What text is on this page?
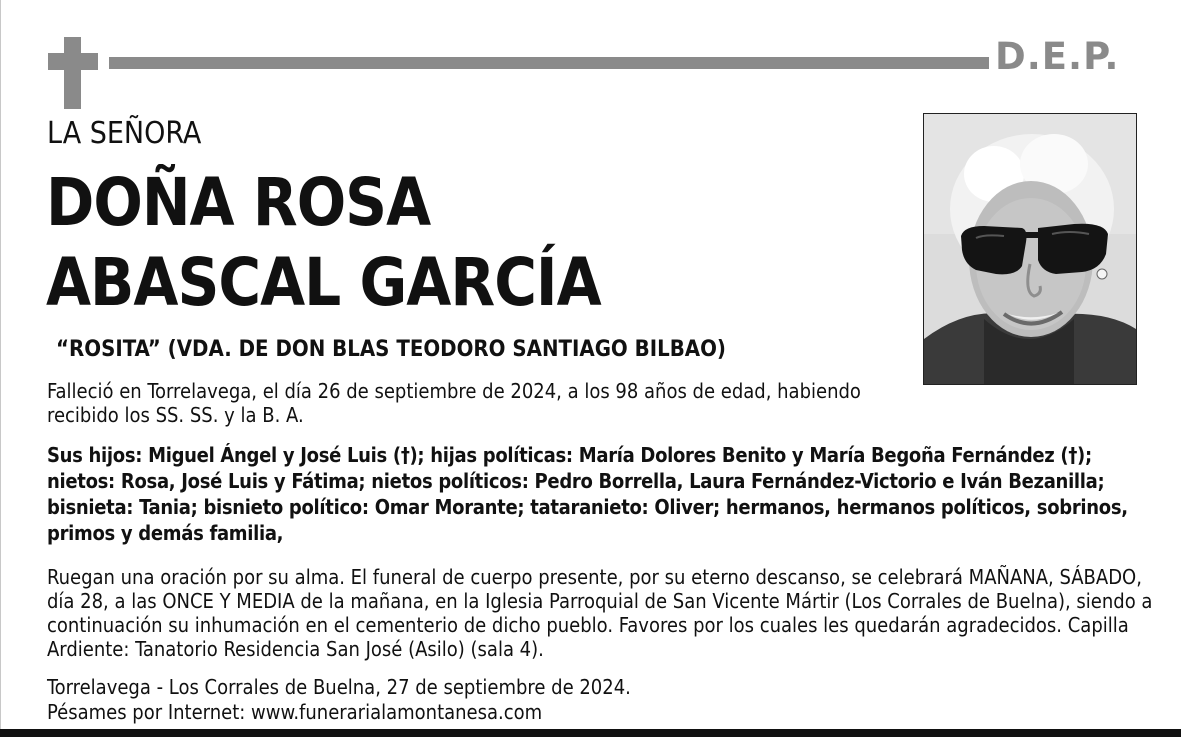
D.E.P.
LA SEÑORA
DOÑA ROSA
ABASCAL GARCÍA
“ROSITA” (VDA. DE DON BLAS TEODORO SANTIAGO BILBAO)

Falleció en Torrelavega, el día 26 de septiembre de 2024, a los 98 años de edad, habiendo recibido los SS. SS. y la B. A.

Sus hijos: Miguel Ángel y José Luis (†); hijas políticas: María Dolores Benito y María Begoña Fernández (†); nietos: Rosa, José Luis y Fátima; nietos políticos: Pedro Borrella, Laura Fernández-Victorio e Iván Bezanilla; bisnieta: Tania; bisnieto político: Omar Morante; tataranieto: Oliver; hermanos, hermanos políticos, sobrinos, primos y demás familia,

Ruegan una oración por su alma. El funeral de cuerpo presente, por su eterno descanso, se celebrará MAÑANA, SÁBADO, día 28, a las ONCE Y MEDIA de la mañana, en la Iglesia Parroquial de San Vicente Mártir (Los Corrales de Buelna), siendo a continuación su inhumación en el cementerio de dicho pueblo. Favores por los cuales les quedarán agradecidos. Capilla Ardiente: Tanatorio Residencia San José (Asilo) (sala 4).

Torrelavega - Los Corrales de Buelna, 27 de septiembre de 2024.
Pésames por Internet: www.funerarialamontanesa.com
